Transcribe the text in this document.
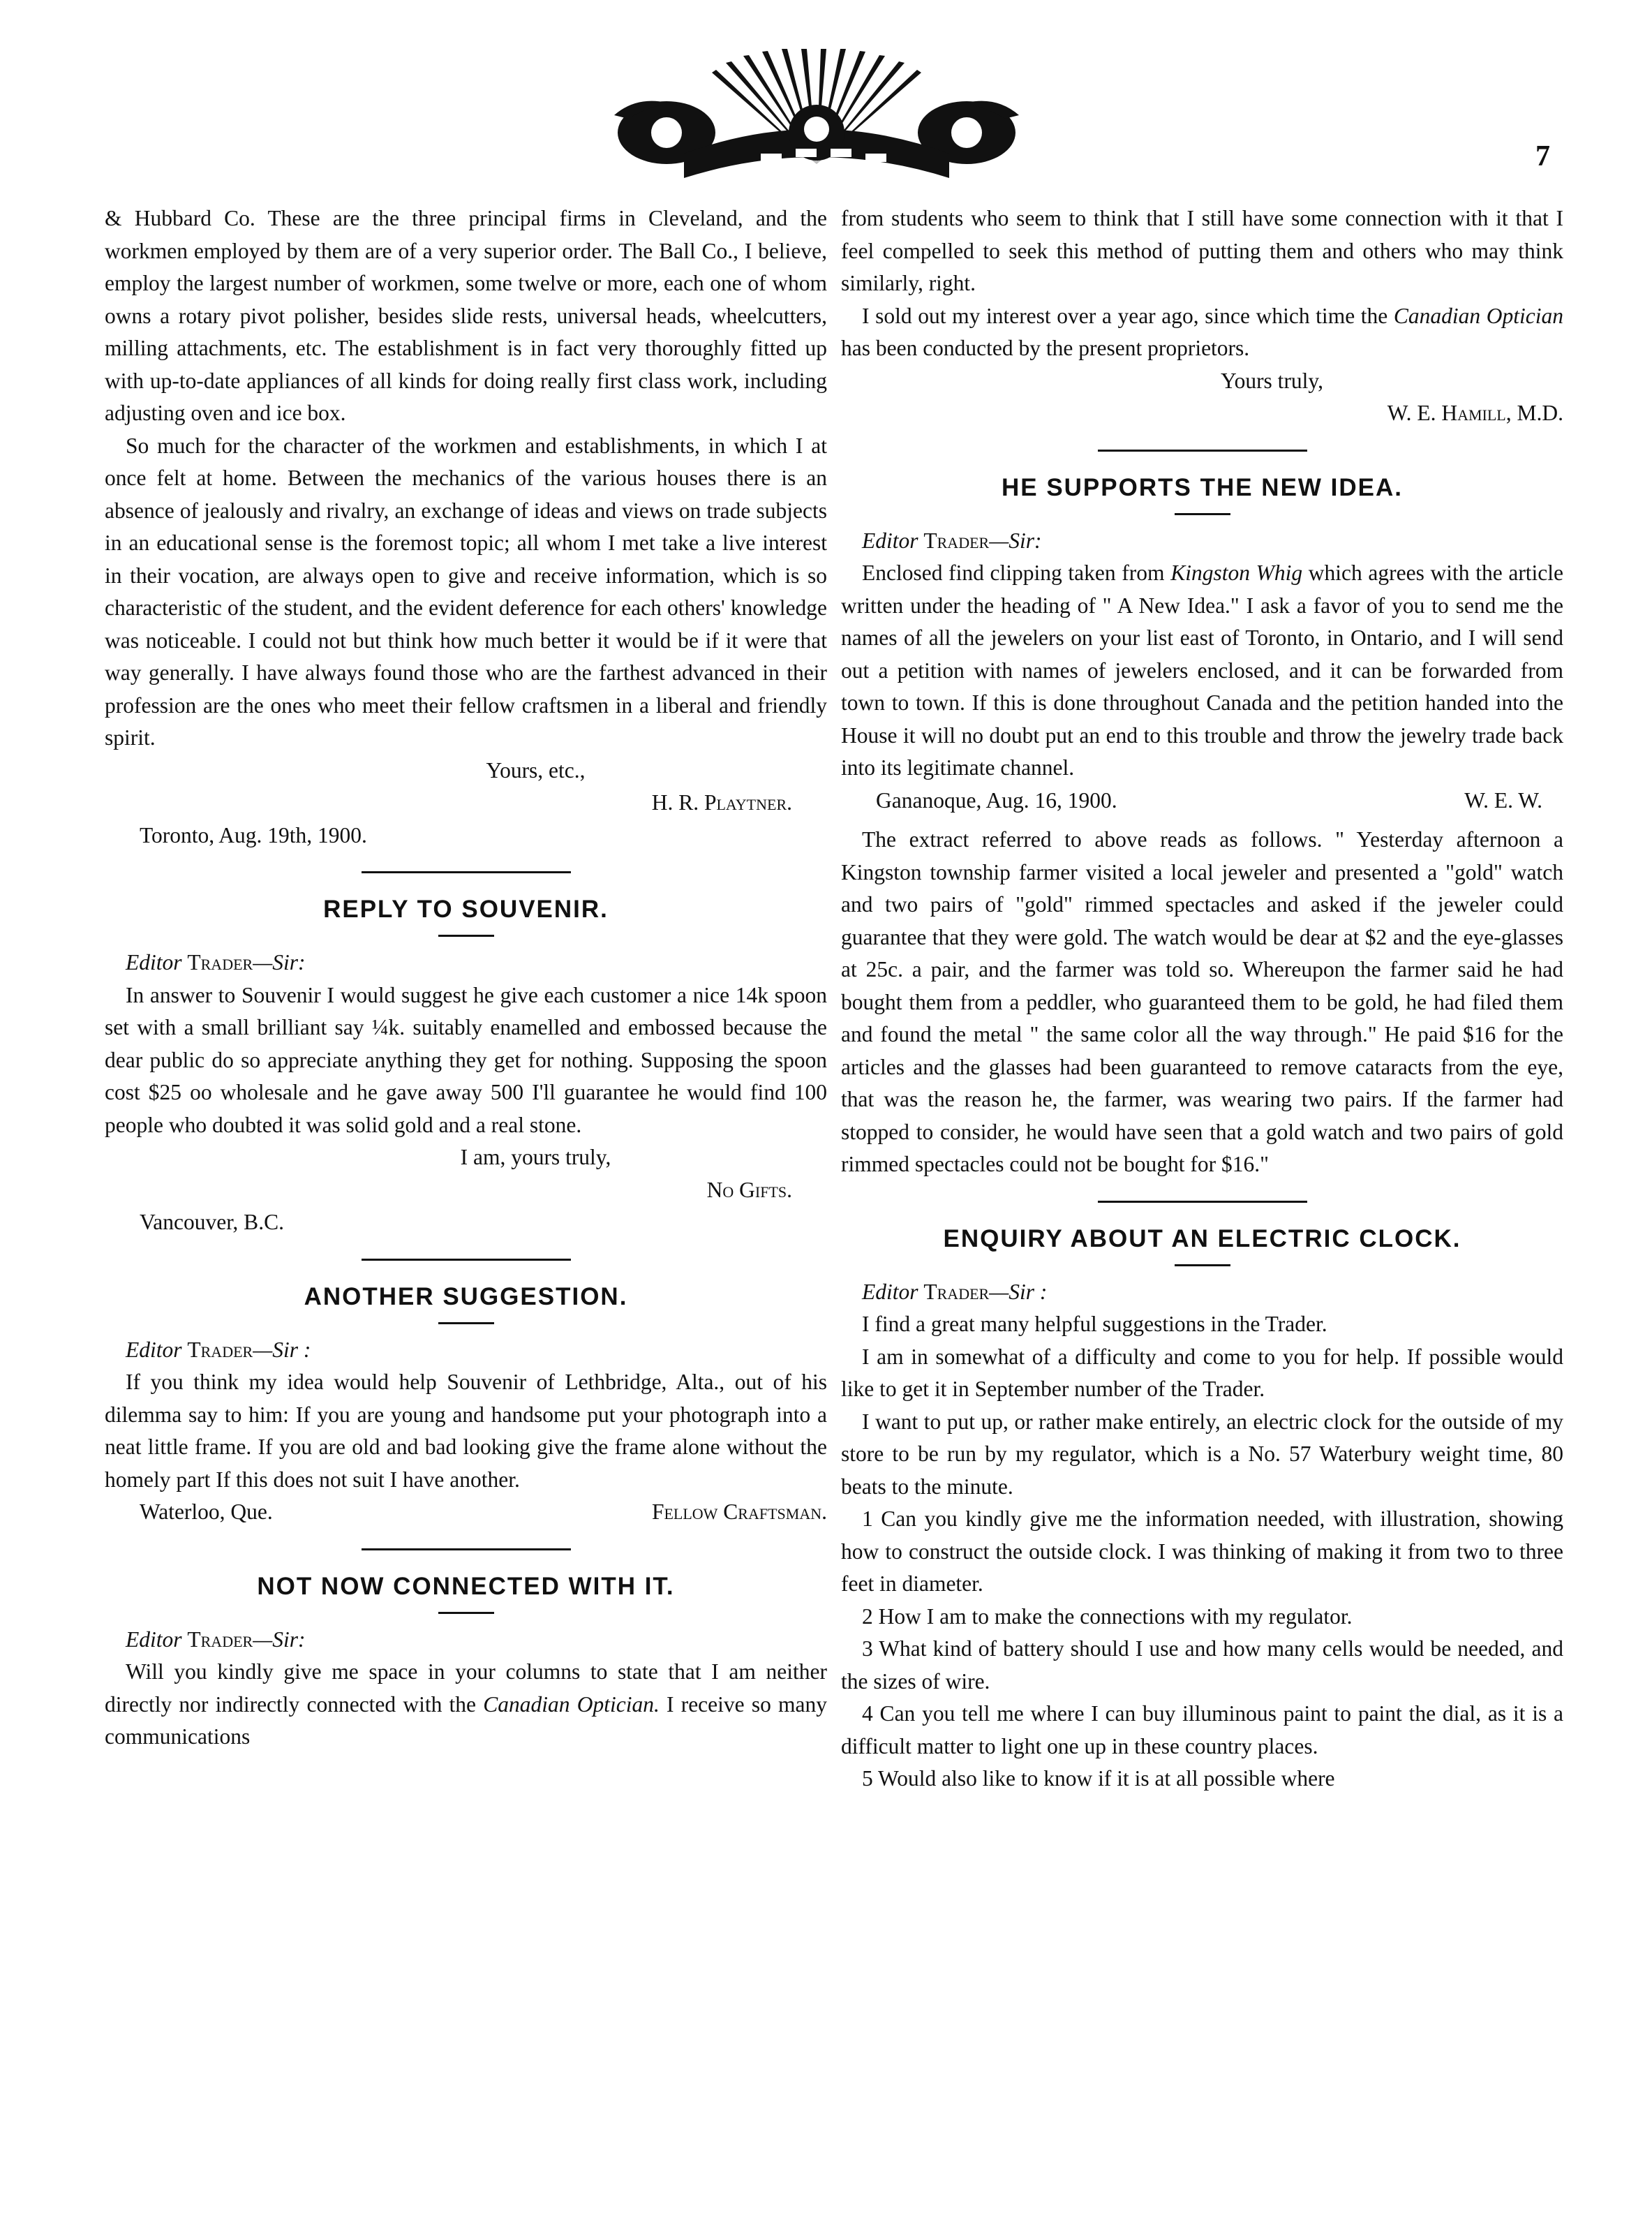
7

& Hubbard Co. These are the three principal firms in Cleveland, and the workmen employed by them are of a very superior order. The Ball Co., I believe, employ the largest number of workmen, some twelve or more, each one of whom owns a rotary pivot polisher, besides slide rests, universal heads, wheelcutters, milling attachments, etc. The establishment is in fact very thoroughly fitted up with up-to-date appliances of all kinds for doing really first class work, including adjusting oven and ice box.

So much for the character of the workmen and establishments, in which I at once felt at home. Between the mechanics of the various houses there is an absence of jealously and rivalry, an exchange of ideas and views on trade subjects in an educational sense is the foremost topic; all whom I met take a live interest in their vocation, are always open to give and receive information, which is so characteristic of the student, and the evident deference for each others' knowledge was noticeable. I could not but think how much better it would be if it were that way generally. I have always found those who are the farthest advanced in their profession are the ones who meet their fellow craftsmen in a liberal and friendly spirit.

Yours, etc.,

H. R. Playtner.

Toronto, Aug. 19th, 1900.

REPLY TO SOUVENIR.

Editor Trader—Sir:

In answer to Souvenir I would suggest he give each customer a nice 14k spoon set with a small brilliant say ¼k. suitably enamelled and embossed because the dear public do so appreciate anything they get for nothing. Supposing the spoon cost $25 oo wholesale and he gave away 500 I'll guarantee he would find 100 people who doubted it was solid gold and a real stone.

I am, yours truly,

No Gifts.

Vancouver, B.C.

ANOTHER SUGGESTION.

Editor Trader—Sir :

If you think my idea would help Souvenir of Lethbridge, Alta., out of his dilemma say to him: If you are young and handsome put your photograph into a neat little frame. If you are old and bad looking give the frame alone without the homely part If this does not suit I have another.

Waterloo, Que.	Fellow Craftsman.

NOT NOW CONNECTED WITH IT.

Editor Trader—Sir:

Will you kindly give me space in your columns to state that I am neither directly nor indirectly connected with the Canadian Optician. I receive so many communications

from students who seem to think that I still have some connection with it that I feel compelled to seek this method of putting them and others who may think similarly, right.

I sold out my interest over a year ago, since which time the Canadian Optician has been conducted by the present proprietors.

Yours truly,

W. E. Hamill, M.D.

HE SUPPORTS THE NEW IDEA.

Editor Trader—Sir:

Enclosed find clipping taken from Kingston Whig which agrees with the article written under the heading of " A New Idea." I ask a favor of you to send me the names of all the jewelers on your list east of Toronto, in Ontario, and I will send out a petition with names of jewelers enclosed, and it can be forwarded from town to town. If this is done throughout Canada and the petition handed into the House it will no doubt put an end to this trouble and throw the jewelry trade back into its legitimate channel.

Gananoque, Aug. 16, 1900.	W. E. W.

The extract referred to above reads as follows. " Yesterday afternoon a Kingston township farmer visited a local jeweler and presented a "gold" watch and two pairs of "gold" rimmed spectacles and asked if the jeweler could guarantee that they were gold. The watch would be dear at $2 and the eye-glasses at 25c. a pair, and the farmer was told so. Whereupon the farmer said he had bought them from a peddler, who guaranteed them to be gold, he had filed them and found the metal " the same color all the way through." He paid $16 for the articles and the glasses had been guaranteed to remove cataracts from the eye, that was the reason he, the farmer, was wearing two pairs. If the farmer had stopped to consider, he would have seen that a gold watch and two pairs of gold rimmed spectacles could not be bought for $16."

ENQUIRY ABOUT AN ELECTRIC CLOCK.

Editor Trader—Sir :

I find a great many helpful suggestions in the Trader.

I am in somewhat of a difficulty and come to you for help. If possible would like to get it in September number of the Trader.

I want to put up, or rather make entirely, an electric clock for the outside of my store to be run by my regulator, which is a No. 57 Waterbury weight time, 80 beats to the minute.

1 Can you kindly give me the information needed, with illustration, showing how to construct the outside clock. I was thinking of making it from two to three feet in diameter.

2 How I am to make the connections with my regulator.

3 What kind of battery should I use and how many cells would be needed, and the sizes of wire.

4 Can you tell me where I can buy illuminous paint to paint the dial, as it is a difficult matter to light one up in these country places.

5 Would also like to know if it is at all possible where
